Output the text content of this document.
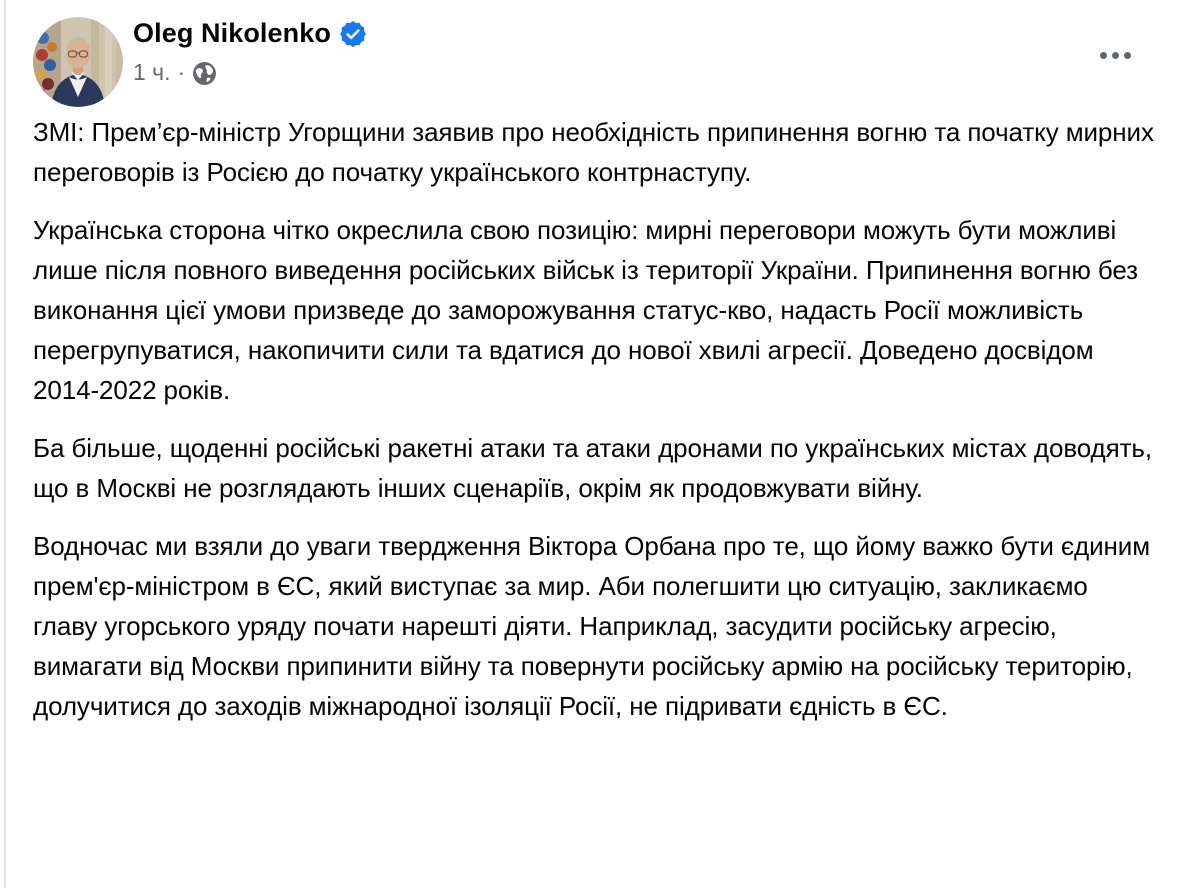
Oleg Nikolenko
1 ч. ·

ЗМІ: Прем’єр-міністр Угорщини заявив про необхідність припинення вогню та початку мирних переговорів із Росією до початку українського контрнаступу.

Українська сторона чітко окреслила свою позицію: мирні переговори можуть бути можливі лише після повного виведення російських військ із території України. Припинення вогню без виконання цієї умови призведе до заморожування статус-кво, надасть Росії можливість перегрупуватися, накопичити сили та вдатися до нової хвилі агресії. Доведено досвідом 2014-2022 років.

Ба більше, щоденні російські ракетні атаки та атаки дронами по українських містах доводять, що в Москві не розглядають інших сценаріїв, окрім як продовжувати війну.

Водночас ми взяли до уваги твердження Віктора Орбана про те, що йому важко бути єдиним прем'єр-міністром в ЄС, який виступає за мир. Аби полегшити цю ситуацію, закликаємо главу угорського уряду почати нарешті діяти. Наприклад, засудити російську агресію, вимагати від Москви припинити війну та повернути російську армію на російську територію, долучитися до заходів міжнародної ізоляції Росії, не підривати єдність в ЄС.
